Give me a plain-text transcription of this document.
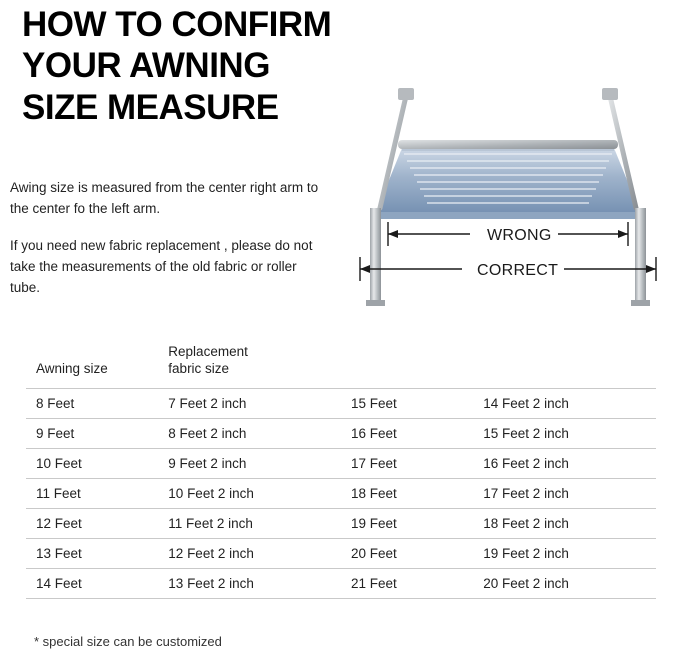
HOW TO CONFIRM
YOUR AWNING
SIZE MEASURE

Awing size is measured from the center right arm to the center fo the left arm.

If you need new fabric replacement , please do not take the measurements of the old fabric or roller tube.

WRONG
CORRECT
Awning size	Replacement
fabric size		
8 Feet	7 Feet 2 inch	15 Feet	14 Feet 2 inch
9 Feet	8 Feet 2 inch	16 Feet	15 Feet 2 inch
10 Feet	9 Feet 2 inch	17 Feet	16 Feet 2 inch
11 Feet	10 Feet 2 inch	18 Feet	17 Feet 2 inch
12 Feet	11 Feet 2 inch	19 Feet	18 Feet 2 inch
13 Feet	12 Feet 2 inch	20 Feet	19 Feet 2 inch
14 Feet	13 Feet 2 inch	21 Feet	20 Feet 2 inch
* special size can be customized
